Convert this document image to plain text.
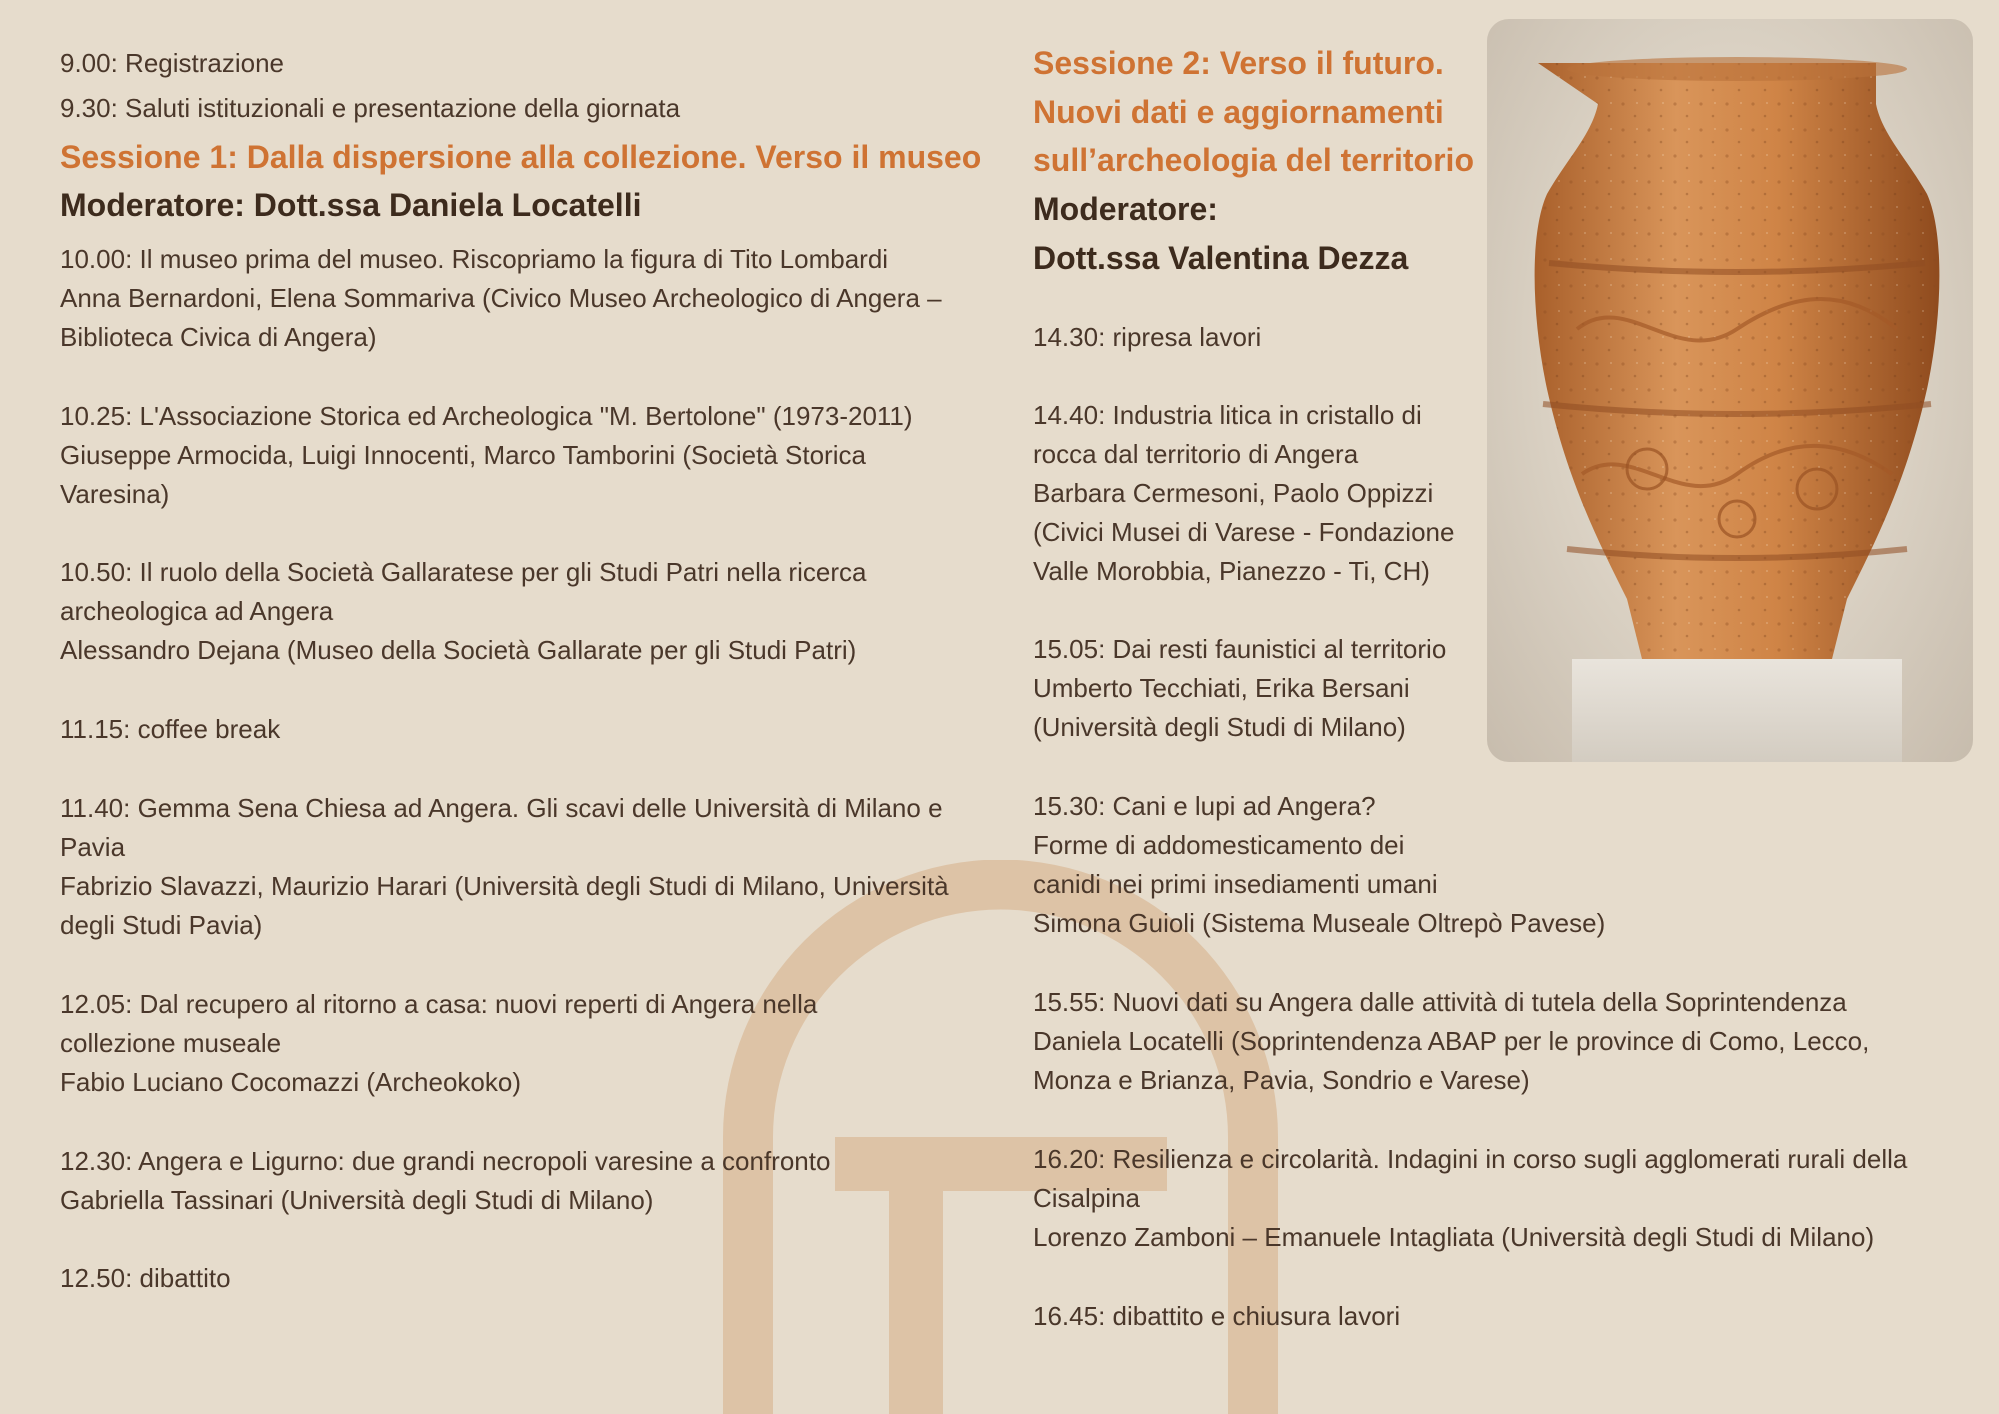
9.00: Registrazione
9.30: Saluti istituzionali e presentazione della giornata
Sessione 1: Dalla dispersione alla collezione. Verso il museo
Moderatore: Dott.ssa Daniela Locatelli
10.00: Il museo prima del museo. Riscopriamo la figura di Tito Lombardi
Anna Bernardoni, Elena Sommariva (Civico Museo Archeologico di Angera –
Biblioteca Civica di Angera)
10.25: L'Associazione Storica ed Archeologica "M. Bertolone" (1973-2011)
Giuseppe Armocida, Luigi Innocenti, Marco Tamborini (Società Storica
Varesina)
10.50: Il ruolo della Società Gallaratese per gli Studi Patri nella ricerca
archeologica ad Angera
Alessandro Dejana (Museo della Società Gallarate per gli Studi Patri)
11.15: coffee break
11.40: Gemma Sena Chiesa ad Angera. Gli scavi delle Università di Milano e
Pavia
Fabrizio Slavazzi, Maurizio Harari (Università degli Studi di Milano, Università
degli Studi Pavia)
12.05: Dal recupero al ritorno a casa: nuovi reperti di Angera nella
collezione museale
Fabio Luciano Cocomazzi (Archeokoko)
12.30: Angera e Ligurno: due grandi necropoli varesine a confronto
Gabriella Tassinari (Università degli Studi di Milano)
12.50: dibattito
Sessione 2: Verso il futuro.
Nuovi dati e aggiornamenti
sull’archeologia del territorio
Moderatore:
Dott.ssa Valentina Dezza
14.30: ripresa lavori
14.40: Industria litica in cristallo di
rocca dal territorio di Angera
Barbara Cermesoni, Paolo Oppizzi
(Civici Musei di Varese - Fondazione
Valle Morobbia, Pianezzo - Ti, CH)
15.05: Dai resti faunistici al territorio
Umberto Tecchiati, Erika Bersani
(Università degli Studi di Milano)
15.30: Cani e lupi ad Angera?
Forme di addomesticamento dei
canidi nei primi insediamenti umani
Simona Guioli (Sistema Museale Oltrepò Pavese)
15.55: Nuovi dati su Angera dalle attività di tutela della Soprintendenza
Daniela Locatelli (Soprintendenza ABAP per le province di Como, Lecco,
Monza e Brianza, Pavia, Sondrio e Varese)
16.20: Resilienza e circolarità. Indagini in corso sugli agglomerati rurali della
Cisalpina
Lorenzo Zamboni – Emanuele Intagliata (Università degli Studi di Milano)
16.45: dibattito e chiusura lavori
